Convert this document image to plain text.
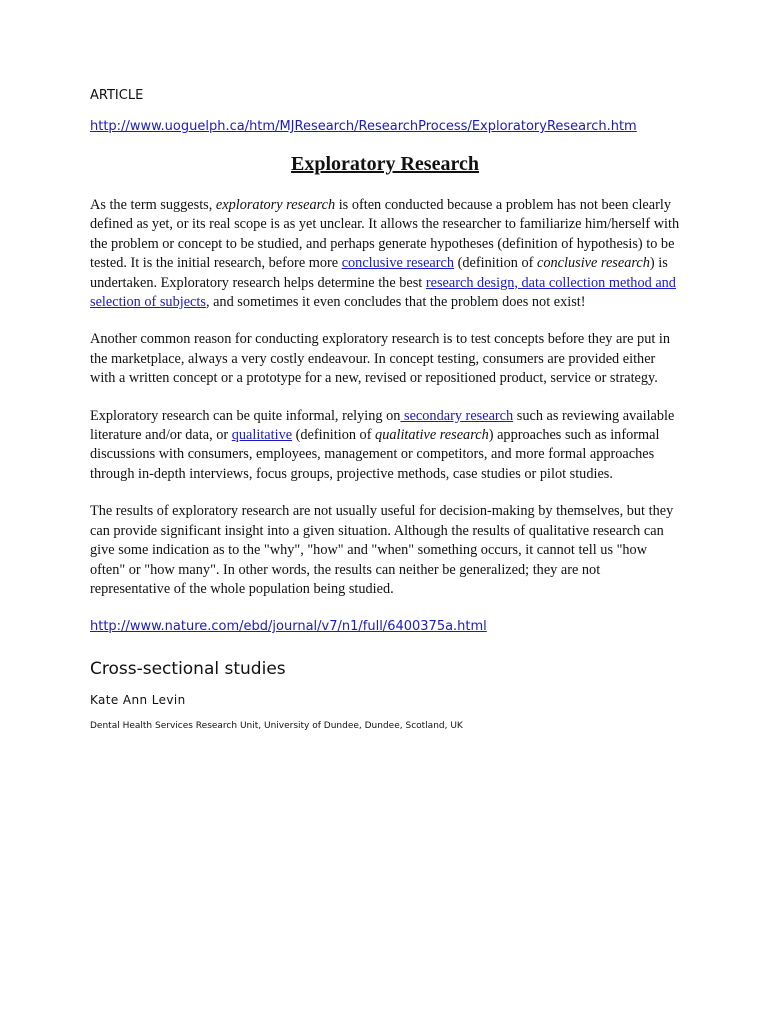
ARTICLE
http://www.uoguelph.ca/htm/MJResearch/ResearchProcess/ExploratoryResearch.htm
Exploratory Research

As the term suggests, exploratory research is often conducted because a problem has not been clearly defined as yet, or its real scope is as yet unclear. It allows the researcher to familiarize him/herself with the problem or concept to be studied, and perhaps generate hypotheses (definition of hypothesis) to be tested. It is the initial research, before more conclusive research (definition of conclusive research) is undertaken. Exploratory research helps determine the best research design, data collection method and selection of subjects, and sometimes it even concludes that the problem does not exist!

Another common reason for conducting exploratory research is to test concepts before they are put in the marketplace, always a very costly endeavour. In concept testing, consumers are provided either with a written concept or a prototype for a new, revised or repositioned product, service or strategy.

Exploratory research can be quite informal, relying on secondary research such as reviewing available literature and/or data, or qualitative (definition of qualitative research) approaches such as informal discussions with consumers, employees, management or competitors, and more formal approaches through in-depth interviews, focus groups, projective methods, case studies or pilot studies.

The results of exploratory research are not usually useful for decision-making by themselves, but they can provide significant insight into a given situation. Although the results of qualitative research can give some indication as to the "why", "how" and "when" something occurs, it cannot tell us "how often" or "how many". In other words, the results can neither be generalized; they are not representative of the whole population being studied.

http://www.nature.com/ebd/journal/v7/n1/full/6400375a.html
Cross-sectional studies
Kate Ann Levin
Dental Health Services Research Unit, University of Dundee, Dundee, Scotland, UK
